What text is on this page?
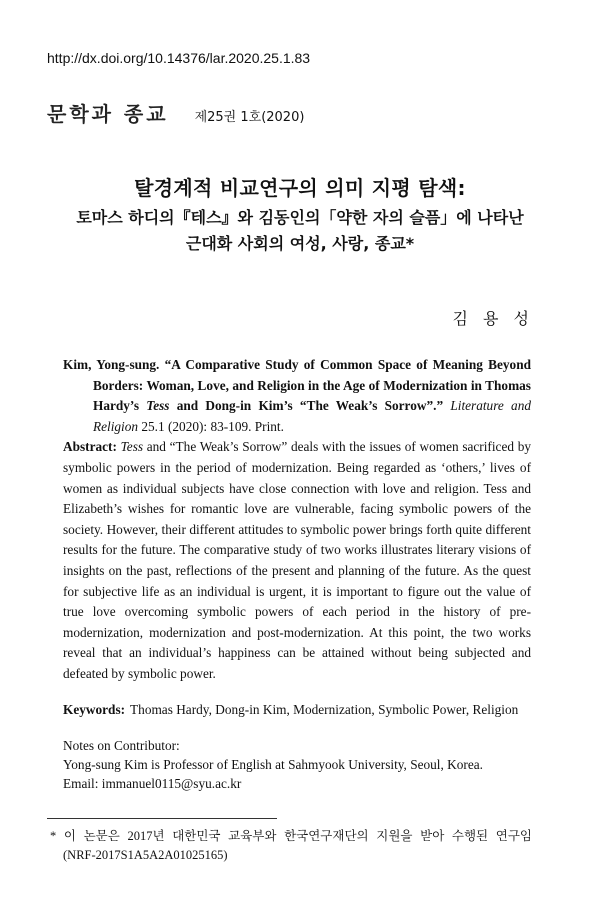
http://dx.doi.org/10.14376/lar.2020.25.1.83
문학과 종교 제25권 1호(2020)
탈경계적 비교연구의 의미 지평 탐색:
토마스 하디의『테스』와 김동인의「약한 자의 슬픔」에 나타난
근대화 사회의 여성, 사랑, 종교*
김 용 성

Kim, Yong-sung. “A Comparative Study of Common Space of Meaning Beyond Borders: Woman, Love, and Religion in the Age of Modernization in Thomas Hardy’s Tess and Dong-in Kim’s “The Weak’s Sorrow”.” Literature and Religion 25.1 (2020): 83-109. Print.

Abstract: Tess and “The Weak’s Sorrow” deals with the issues of women sacrificed by symbolic powers in the period of modernization. Being regarded as ‘others,’ lives of women as individual subjects have close connection with love and religion. Tess and Elizabeth’s wishes for romantic love are vulnerable, facing symbolic powers of the society. However, their different attitudes to symbolic power brings forth quite different results for the future. The comparative study of two works illustrates literary visions of insights on the past, reflections of the present and planning of the future. As the quest for subjective life as an individual is urgent, it is important to figure out the value of true love overcoming symbolic powers of each period in the history of pre-modernization, modernization and post-modernization. At this point, the two works reveal that an individual’s happiness can be attained without being subjected and defeated by symbolic power.

Keywords: Thomas Hardy, Dong-in Kim, Modernization, Symbolic Power, Religion
Notes on Contributor:
Yong-sung Kim is Professor of English at Sahmyook University, Seoul, Korea.
Email: immanuel0115@syu.ac.kr
* 이 논문은 2017년 대한민국 교육부와 한국연구재단의 지원을 받아 수행된 연구임
(NRF-2017S1A5A2A01025165)
